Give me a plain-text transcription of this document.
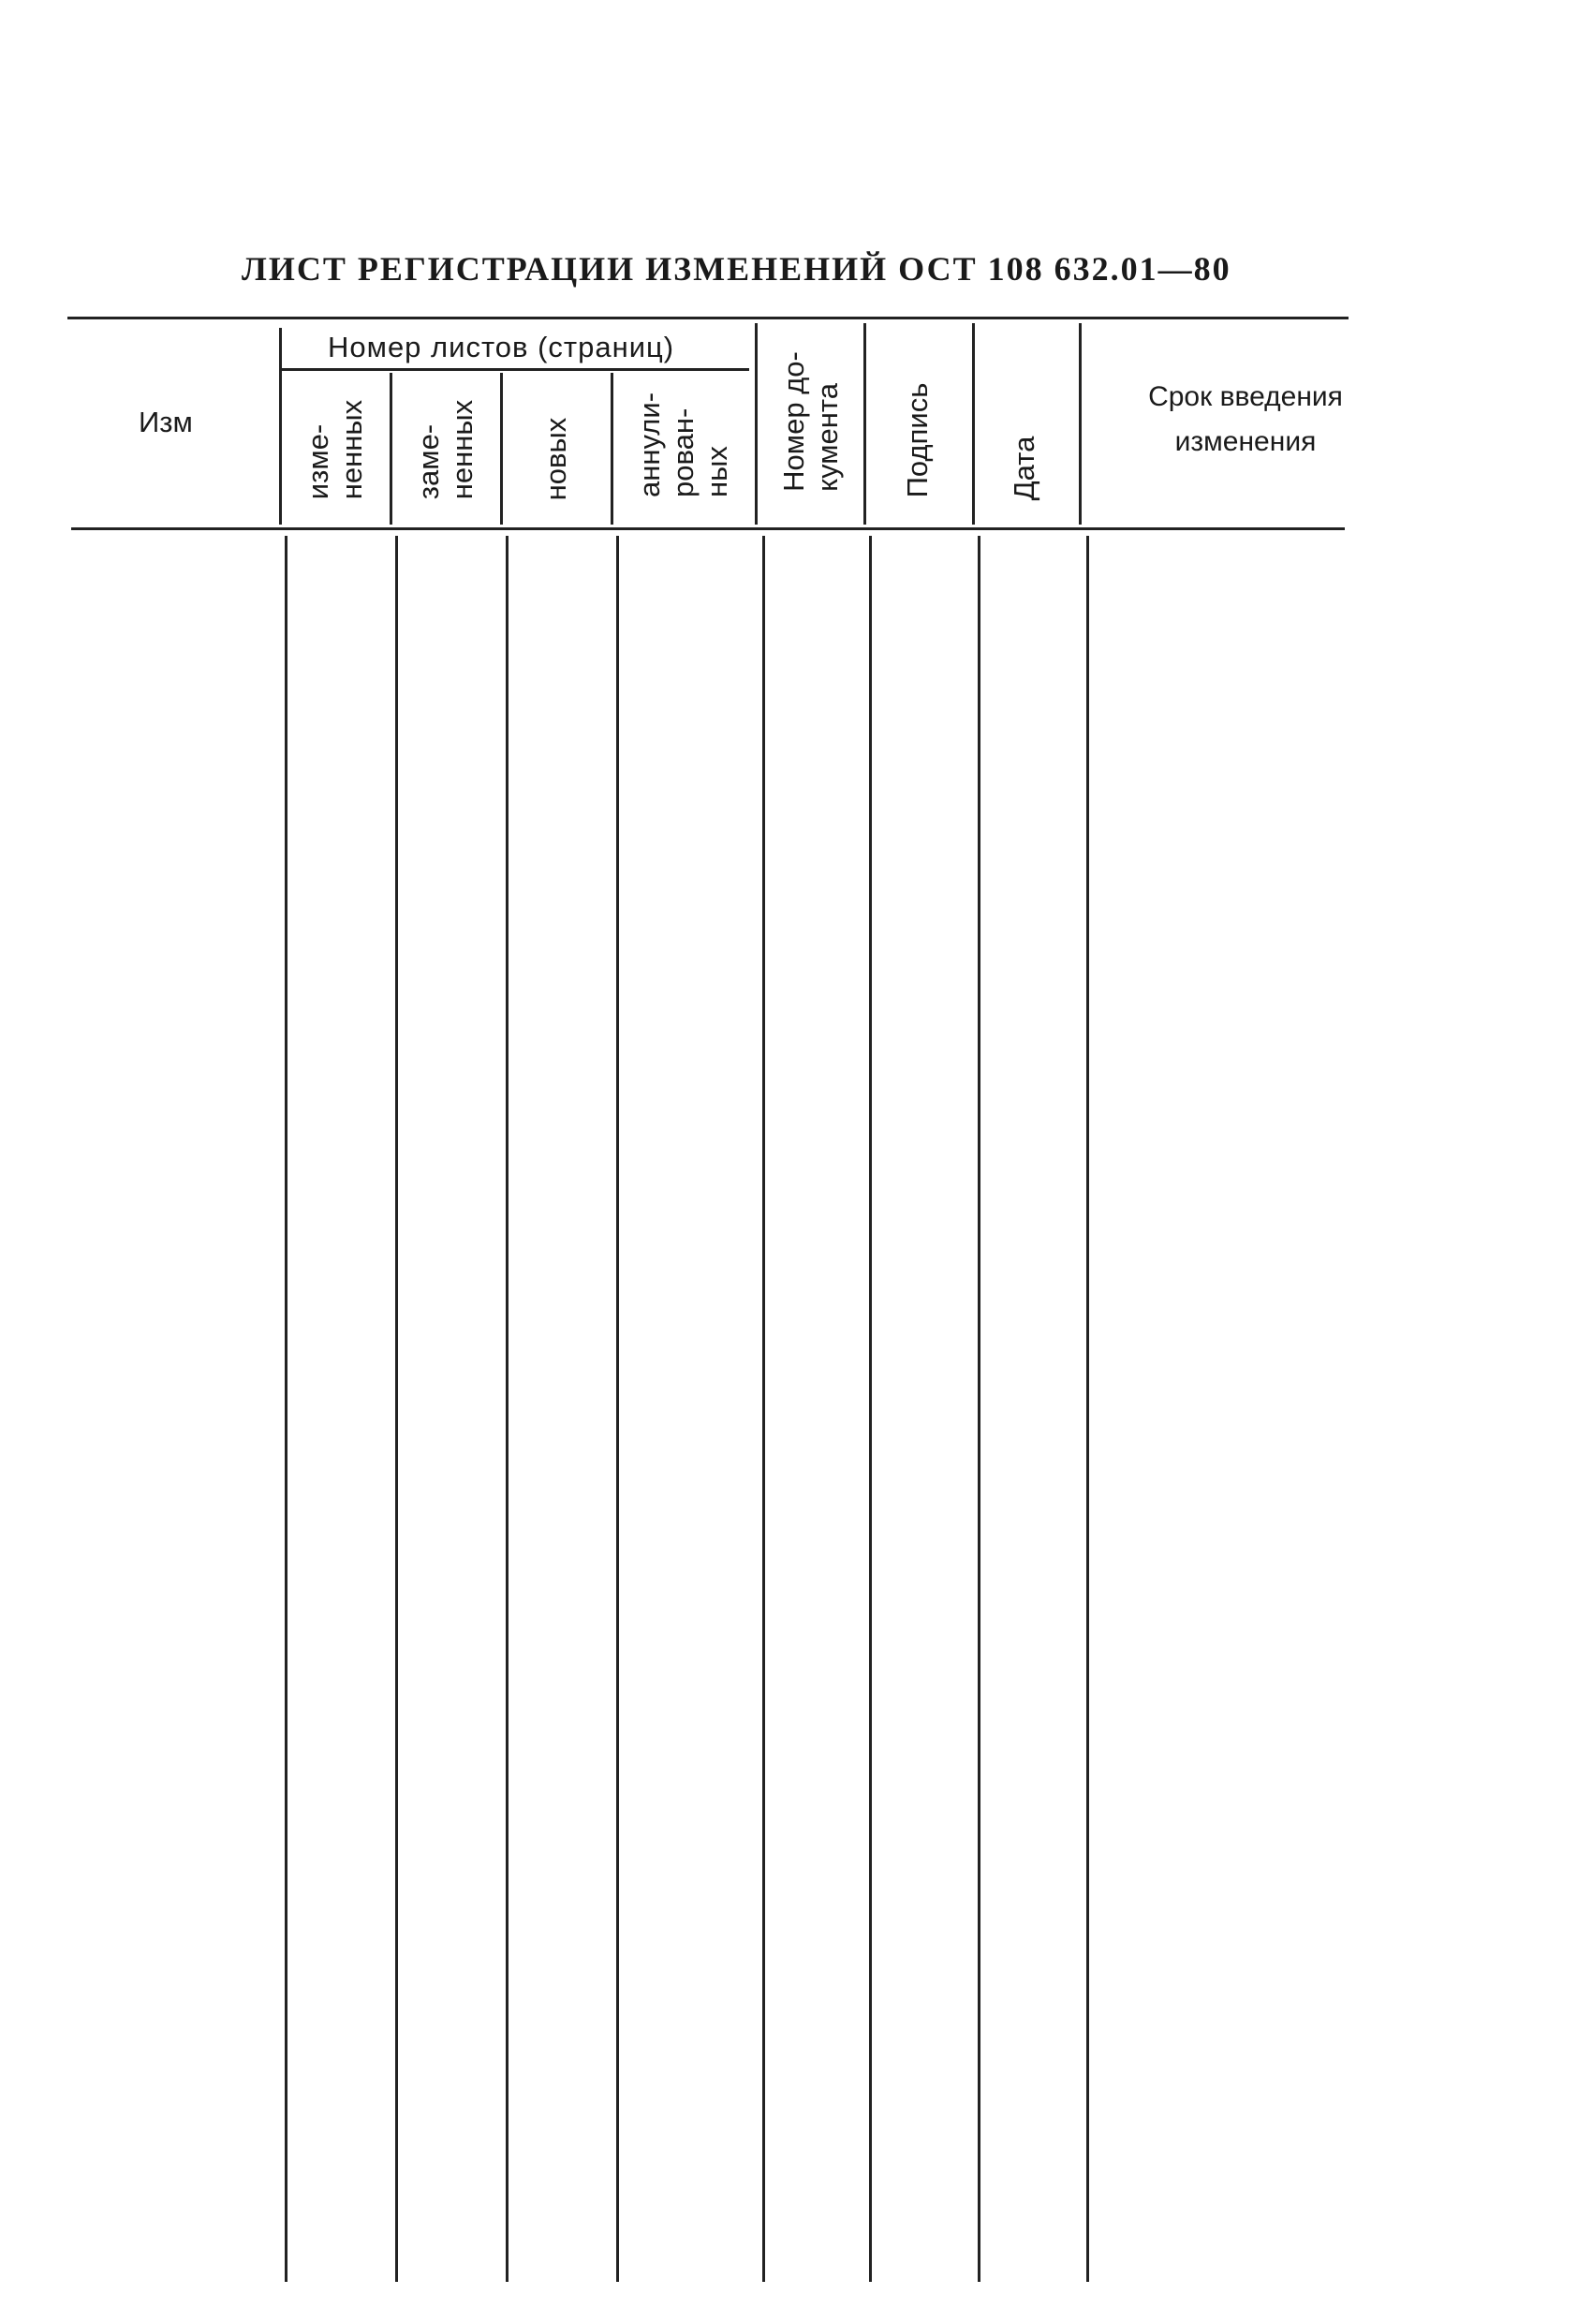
ЛИСТ РЕГИСТРАЦИИ ИЗМЕНЕНИЙ ОСТ 108 632.01—80
Изм
Номер листов (страниц)
изме- ненных заме- ненных новых аннули- рован- ных Номер до- кумента Подпись	Дата
Срок введения
изменения
